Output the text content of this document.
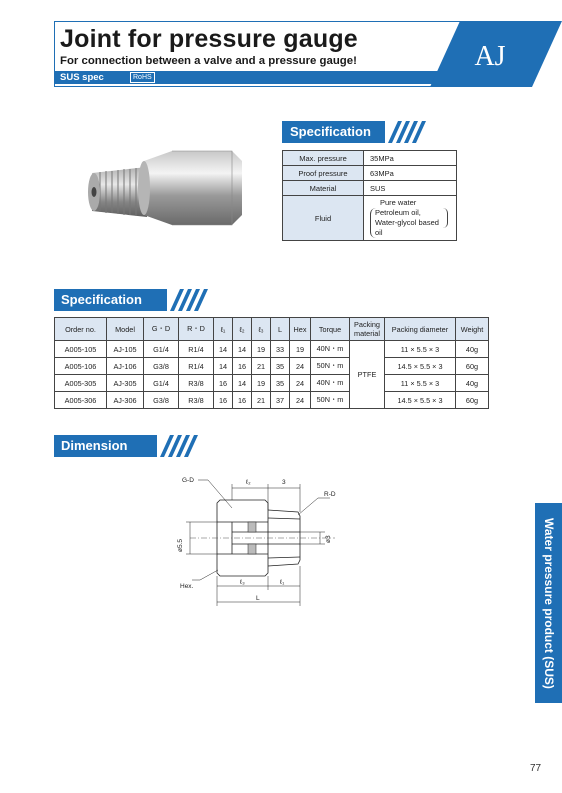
Joint for pressure gauge
For connection between a valve and a pressure gauge!
SUS spec	RoHS
AJ
Specification
Max. pressure	35MPa
Proof pressure	63MPa
Material	SUS
Fluid	Pure water
Petroleum oil,
Water-glycol based oil
Specification
Order no.	Model	G・D	R・D	ℓ₁	ℓ₂	ℓ₃	L	Hex	Torque	Packing material	Packing diameter	Weight
A005-105	AJ-105	G1/4	R1/4	14	14	19	33	19	40N・m	PTFE	11 × 5.5 × 3	40g
A005-106	AJ-106	G3/8	R1/4	14	16	21	35	24	50N・m		14.5 × 5.5 × 3	60g
A005-305	AJ-305	G1/4	R3/8	16	14	19	35	24	40N・m		11 × 5.5 × 3	40g
A005-306	AJ-306	G3/8	R3/8	16	16	21	37	24	50N・m		14.5 × 5.5 × 3	60g
Dimension
G-D	ℓ₂	3
R-D
ø5.5	ø3
Hex.
ℓ₃	ℓ₁
L	Water pressure product (SUS)
77
